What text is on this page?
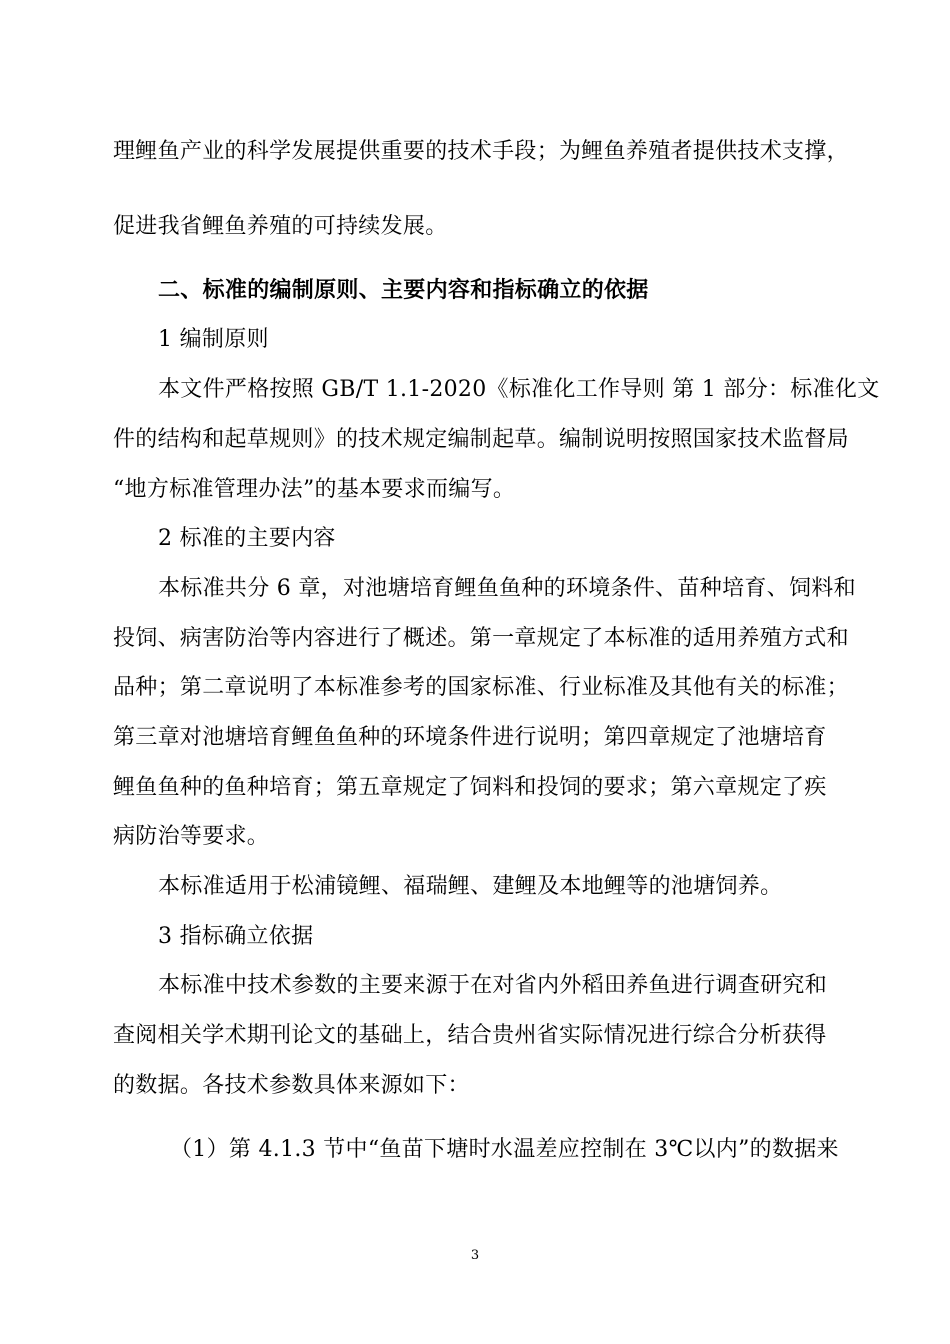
理鲤鱼产业的科学发展提供重要的技术手段；为鲤鱼养殖者提供技术支撑，
促进我省鲤鱼养殖的可持续发展。
二、标准的编制原则、主要内容和指标确立的依据
1 编制原则
本文件严格按照 GB/T 1.1-2020《标准化工作导则 第 1 部分：标准化文
件的结构和起草规则》的技术规定编制起草。编制说明按照国家技术监督局
“地方标准管理办法”的基本要求而编写。
2 标准的主要内容
本标准共分 6 章，对池塘培育鲤鱼鱼种的环境条件、苗种培育、饲料和
投饲、病害防治等内容进行了概述。第一章规定了本标准的适用养殖方式和
品种；第二章说明了本标准参考的国家标准、行业标准及其他有关的标准；
第三章对池塘培育鲤鱼鱼种的环境条件进行说明；第四章规定了池塘培育
鲤鱼鱼种的鱼种培育；第五章规定了饲料和投饲的要求；第六章规定了疾
病防治等要求。
本标准适用于松浦镜鲤、福瑞鲤、建鲤及本地鲤等的池塘饲养。
3 指标确立依据
本标准中技术参数的主要来源于在对省内外稻田养鱼进行调查研究和
查阅相关学术期刊论文的基础上，结合贵州省实际情况进行综合分析获得
的数据。各技术参数具体来源如下：
（1）第 4.1.3 节中“鱼苗下塘时水温差应控制在 3℃以内”的数据来
3
